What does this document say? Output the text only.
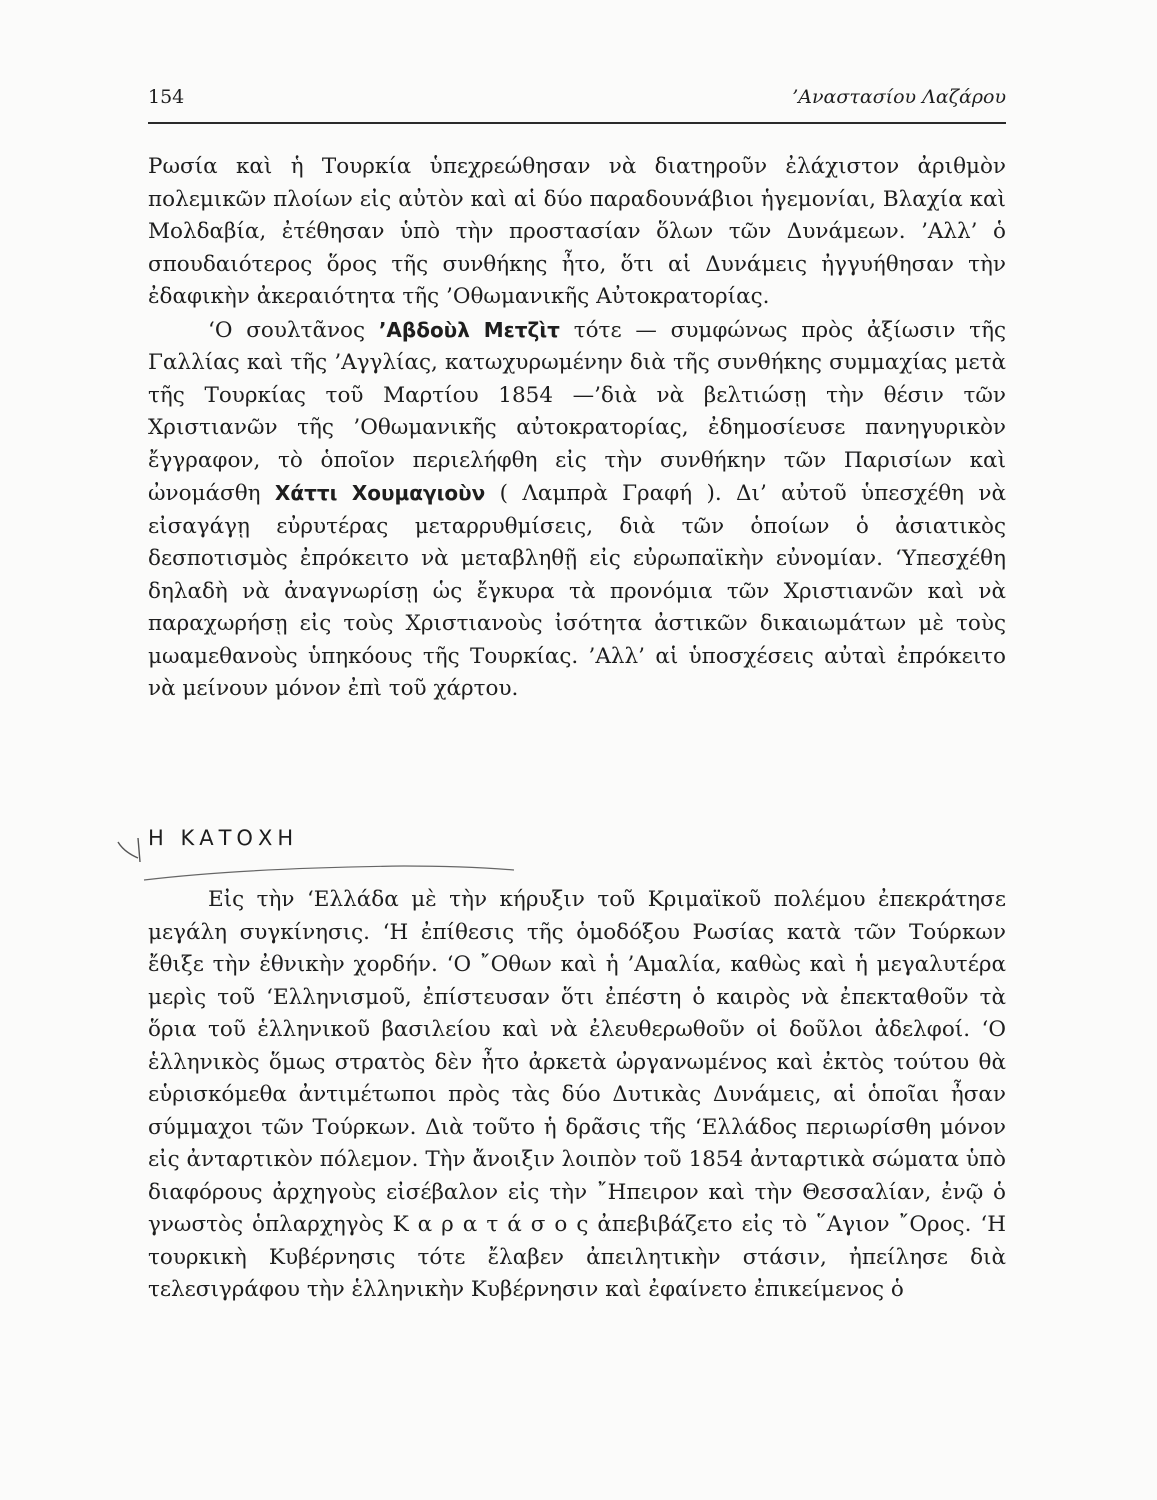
154	’Αναστασίου Λαζάρου

Ρωσία καὶ ἡ Τουρκία ὑπεχρεώθησαν νὰ διατηροῦν ἐλάχιστον ἀριθμὸν πολεμικῶν πλοίων εἰς αὐτὸν καὶ αἱ δύο παραδουνάβιοι ἡγεμονίαι, Βλαχία καὶ Μολδαβία, ἐτέθησαν ὑπὸ τὴν προστασίαν ὅλων τῶν Δυνάμεων. ’Αλλ’ ὁ σπουδαιότερος ὅρος τῆς συνθήκης ἦτο, ὅτι αἱ Δυνάμεις ἠγγυήθησαν τὴν ἐδαφικὴν ἀκεραιότητα τῆς ’Οθωμανικῆς Αὐτοκρατορίας.

‘Ο σουλτᾶνος ’Αβδοὺλ Μετζὶτ τότε — συμφώνως πρὸς ἀξίωσιν τῆς Γαλλίας καὶ τῆς ’Αγγλίας, κατωχυρωμένην διὰ τῆς συνθήκης συμμαχίας μετὰ τῆς Τουρκίας τοῦ Μαρτίου 1854 —’διὰ νὰ βελτιώσῃ τὴν θέσιν τῶν Χριστιανῶν τῆς ’Οθωμανικῆς αὐτοκρατορίας, ἐδημοσίευσε πανηγυρικὸν ἔγγραφον, τὸ ὁποῖον περιελήφθη εἰς τὴν συνθήκην τῶν Παρισίων καὶ ὠνομάσθη Χάττι Χουμαγιοὺν ( Λαμπρὰ Γραφή ). Δι’ αὐτοῦ ὑπεσχέθη νὰ εἰσαγάγῃ εὐρυτέρας μεταρρυθμίσεις, διὰ τῶν ὁποίων ὁ ἀσιατικὸς δεσποτισμὸς ἐπρόκειτο νὰ μεταβληθῇ εἰς εὐρωπαϊκὴν εὐνομίαν. ‘Υπεσχέθη δηλαδὴ νὰ ἀναγνωρίσῃ ὡς ἔγκυρα τὰ προνόμια τῶν Χριστιανῶν καὶ νὰ παραχωρήσῃ εἰς τοὺς Χριστιανοὺς ἰσότητα ἀστικῶν δικαιωμάτων μὲ τοὺς μωαμεθανοὺς ὑπηκόους τῆς Τουρκίας. ’Αλλ’ αἱ ὑποσχέσεις αὐταὶ ἐπρόκειτο νὰ μείνουν μόνον ἐπὶ τοῦ χάρτου.

Η ΚΑΤΟΧΗ

Εἰς τὴν ‘Ελλάδα μὲ τὴν κήρυξιν τοῦ Κριμαϊκοῦ πολέμου ἐπεκράτησε μεγάλη συγκίνησις. ‘Η ἐπίθεσις τῆς ὁμοδόξου Ρωσίας κατὰ τῶν Τούρκων ἔθιξε τὴν ἐθνικὴν χορδήν. ‘Ο ῎Οθων καὶ ἡ ’Αμαλία, καθὼς καὶ ἡ μεγαλυτέρα μερὶς τοῦ ‘Ελληνισμοῦ, ἐπίστευσαν ὅτι ἐπέστη ὁ καιρὸς νὰ ἐπεκταθοῦν τὰ ὅρια τοῦ ἑλληνικοῦ βασιλείου καὶ νὰ ἐλευθερωθοῦν οἱ δοῦλοι ἀδελφοί. ‘Ο ἑλληνικὸς ὅμως στρατὸς δὲν ἦτο ἀρκετὰ ὠργανωμένος καὶ ἐκτὸς τούτου θὰ εὑρισκόμεθα ἀντιμέτωποι πρὸς τὰς δύο Δυτικὰς Δυνάμεις, αἱ ὁποῖαι ἦσαν σύμμαχοι τῶν Τούρκων. Διὰ τοῦτο ἡ δρᾶσις τῆς ‘Ελλάδος περιωρίσθη μόνον εἰς ἀνταρτικὸν πόλεμον. Τὴν ἄνοιξιν λοιπὸν τοῦ 1854 ἀνταρτικὰ σώματα ὑπὸ διαφόρους ἀρχηγοὺς εἰσέβαλον εἰς τὴν ῎Ηπειρον καὶ τὴν Θεσσαλίαν, ἐνῷ ὁ γνωστὸς ὁπλαρχηγὸς Κ α ρ α τ ά σ ο ς ἀπεβιβάζετο εἰς τὸ ῞Αγιον ῎Ορος. ‘Η τουρκικὴ Κυβέρνησις τότε ἔλαβεν ἀπειλητικὴν στάσιν, ἠπείλησε διὰ τελεσιγράφου τὴν ἑλληνικὴν Κυβέρνησιν καὶ ἐφαίνετο ἐπικείμενος ὁ
